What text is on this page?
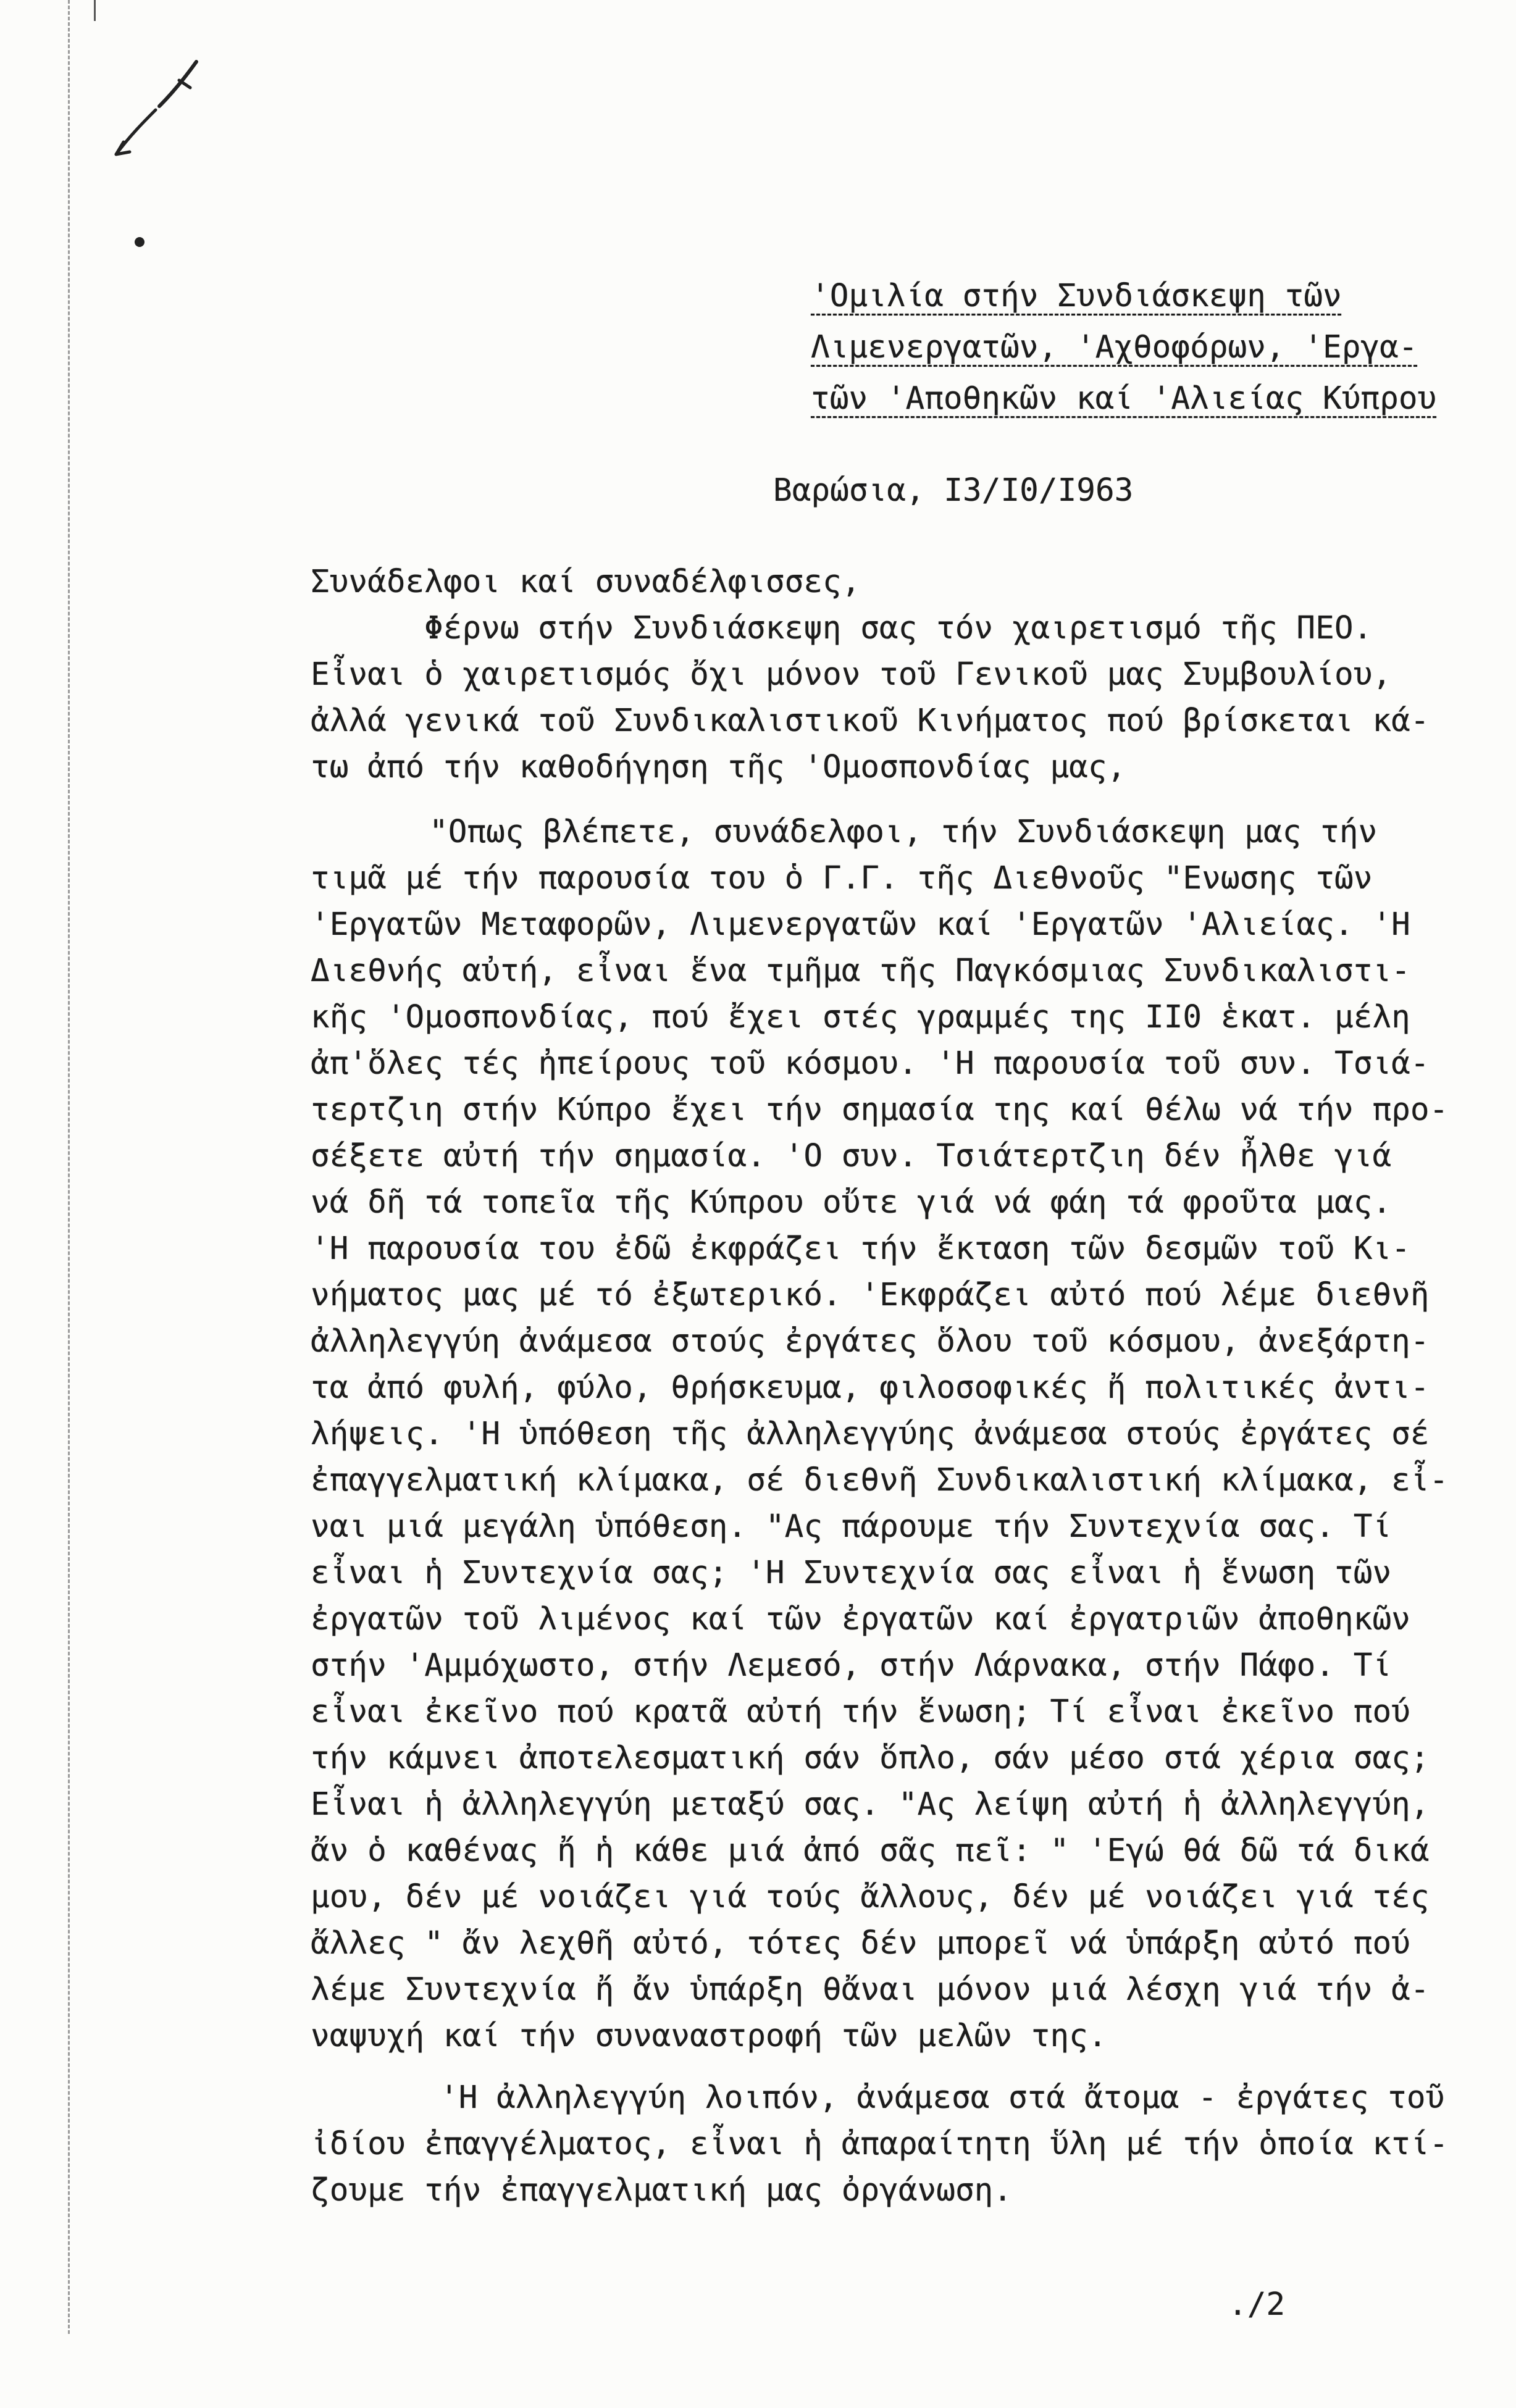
'Ομιλία στήν Συνδιάσκεψη τῶν
Λιμενεργατῶν, 'Αχθοφόρων, 'Εργα-
τῶν 'Αποθηκῶν καί 'Αλιείας Κύπρου
Βαρώσια, I3/I0/I963
Συνάδελφοι καί συναδέλφισσες,
Φέρνω στήν Συνδιάσκεψη σας τόν χαιρετισμό τῆς ΠΕΟ.
Εἶναι ὁ χαιρετισμός ὄχι μόνον τοῦ Γενικοῦ μας Συμβουλίου,
ἀλλά γενικά τοῦ Συνδικαλιστικοῦ Κινήματος πού βρίσκεται κά-
τω ἀπό τήν καθοδήγηση τῆς 'Ομοσπονδίας μας,
"Οπως βλέπετε, συνάδελφοι, τήν Συνδιάσκεψη μας τήν
τιμᾶ μέ τήν παρουσία του ὁ Γ.Γ. τῆς Διεθνοῦς "Ενωσης τῶν
'Εργατῶν Μεταφορῶν, Λιμενεργατῶν καί 'Εργατῶν 'Αλιείας. 'Η
Διεθνής αὐτή, εἶναι ἕνα τμῆμα τῆς Παγκόσμιας Συνδικαλιστι-
κῆς 'Ομοσπονδίας, πού ἔχει στές γραμμές της II0 ἑκατ. μέλη
ἀπ'ὅλες τές ἠπείρους τοῦ κόσμου. 'Η παρουσία τοῦ συν. Τσιά-
τερτζιη στήν Κύπρο ἔχει τήν σημασία της καί θέλω νά τήν προ-
σέξετε αὐτή τήν σημασία. 'Ο συν. Τσιάτερτζιη δέν ἦλθε γιά
νά δῆ τά τοπεῖα τῆς Κύπρου οὔτε γιά νά φάη τά φροῦτα μας.
'Η παρουσία του ἐδῶ ἐκφράζει τήν ἔκταση τῶν δεσμῶν τοῦ Κι-
νήματος μας μέ τό ἐξωτερικό. 'Εκφράζει αὐτό πού λέμε διεθνῆ
ἀλληλεγγύη ἀνάμεσα στούς ἐργάτες ὅλου τοῦ κόσμου, ἀνεξάρτη-
τα ἀπό φυλή, φύλο, θρήσκευμα, φιλοσοφικές ἤ πολιτικές ἀντι-
λήψεις. 'Η ὑπόθεση τῆς ἀλληλεγγύης ἀνάμεσα στούς ἐργάτες σέ
ἐπαγγελματική κλίμακα, σέ διεθνῆ Συνδικαλιστική κλίμακα, εἶ-
ναι μιά μεγάλη ὑπόθεση. "Ας πάρουμε τήν Συντεχνία σας. Τί
εἶναι ἡ Συντεχνία σας; 'Η Συντεχνία σας εἶναι ἡ ἕνωση τῶν
ἐργατῶν τοῦ λιμένος καί τῶν ἐργατῶν καί ἐργατριῶν ἀποθηκῶν
στήν 'Αμμόχωστο, στήν Λεμεσό, στήν Λάρνακα, στήν Πάφο. Τί
εἶναι ἐκεῖνο πού κρατᾶ αὐτή τήν ἕνωση; Τί εἶναι ἐκεῖνο πού
τήν κάμνει ἀποτελεσματική σάν ὅπλο, σάν μέσο στά χέρια σας;
Εἶναι ἡ ἀλληλεγγύη μεταξύ σας. "Ας λείψη αὐτή ἡ ἀλληλεγγύη,
ἄν ὁ καθένας ἤ ἡ κάθε μιά ἀπό σᾶς πεῖ: " 'Εγώ θά δῶ τά δικά
μου, δέν μέ νοιάζει γιά τούς ἄλλους, δέν μέ νοιάζει γιά τές
ἄλλες " ἄν λεχθῆ αὐτό, τότες δέν μπορεῖ νά ὑπάρξη αὐτό πού
λέμε Συντεχνία ἤ ἄν ὑπάρξη θἄναι μόνον μιά λέσχη γιά τήν ἀ-
ναψυχή καί τήν συναναστροφή τῶν μελῶν της.
'Η ἀλληλεγγύη λοιπόν, ἀνάμεσα στά ἄτομα - ἐργάτες τοῦ
ἰδίου ἐπαγγέλματος, εἶναι ἡ ἀπαραίτητη ὕλη μέ τήν ὁποία κτί-
ζουμε τήν ἐπαγγελματική μας ὀργάνωση.
./2
